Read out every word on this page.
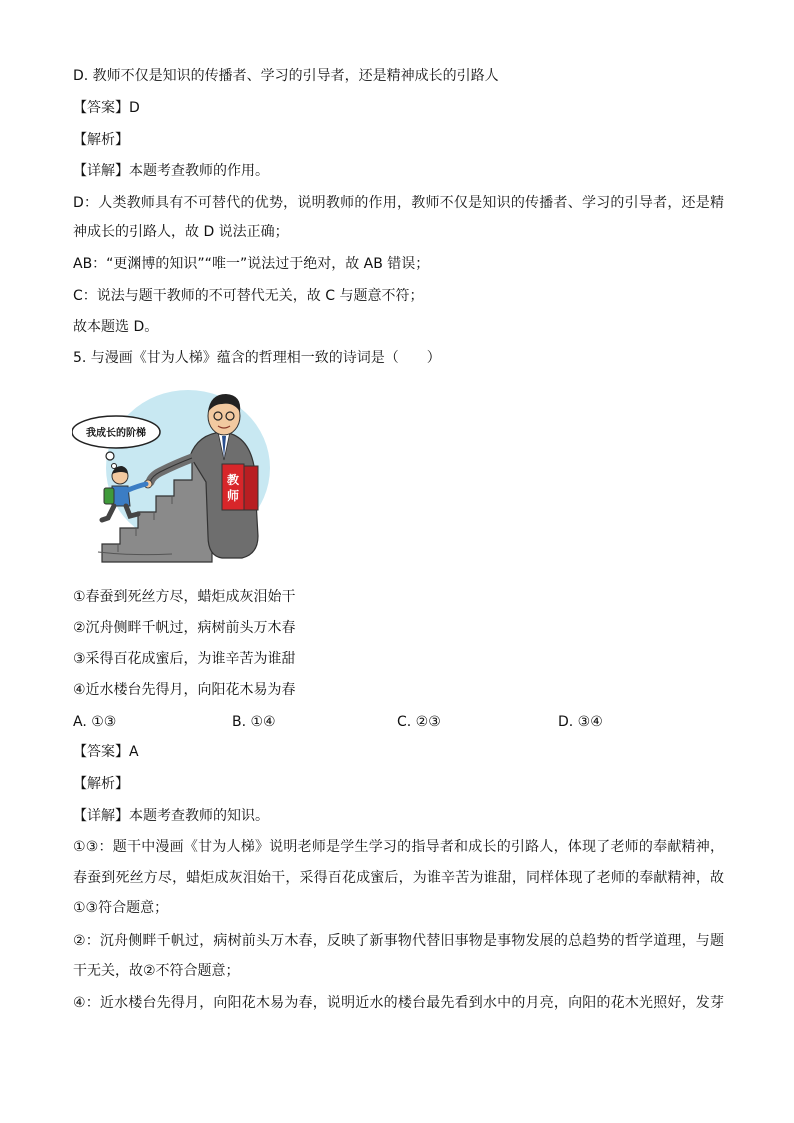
D. 教师不仅是知识的传播者、学习的引导者，还是精神成长的引路人
【答案】D
【解析】
【详解】本题考查教师的作用。
D：人类教师具有不可替代的优势，说明教师的作用，教师不仅是知识的传播者、学习的引导者，还是精
神成长的引路人，故 D 说法正确；
AB：“更渊博的知识”“唯一”说法过于绝对，故 AB 错误；
C：说法与题干教师的不可替代无关，故 C 与题意不符；
故本题选 D。
5. 与漫画《甘为人梯》蕴含的哲理相一致的诗词是（　　）
教
师
我成长的阶梯
①春蚕到死丝方尽，蜡炬成灰泪始干
②沉舟侧畔千帆过，病树前头万木春
③采得百花成蜜后，为谁辛苦为谁甜
④近水楼台先得月，向阳花木易为春
A. ①③	B. ①④	C. ②③	D. ③④
【答案】A
【解析】
【详解】本题考查教师的知识。
①③：题干中漫画《甘为人梯》说明老师是学生学习的指导者和成长的引路人，体现了老师的奉献精神，
春蚕到死丝方尽，蜡炬成灰泪始干，采得百花成蜜后，为谁辛苦为谁甜，同样体现了老师的奉献精神，故
①③符合题意；
②：沉舟侧畔千帆过，病树前头万木春，反映了新事物代替旧事物是事物发展的总趋势的哲学道理，与题
干无关，故②不符合题意；
④：近水楼台先得月，向阳花木易为春，说明近水的楼台最先看到水中的月亮，向阳的花木光照好，发芽
